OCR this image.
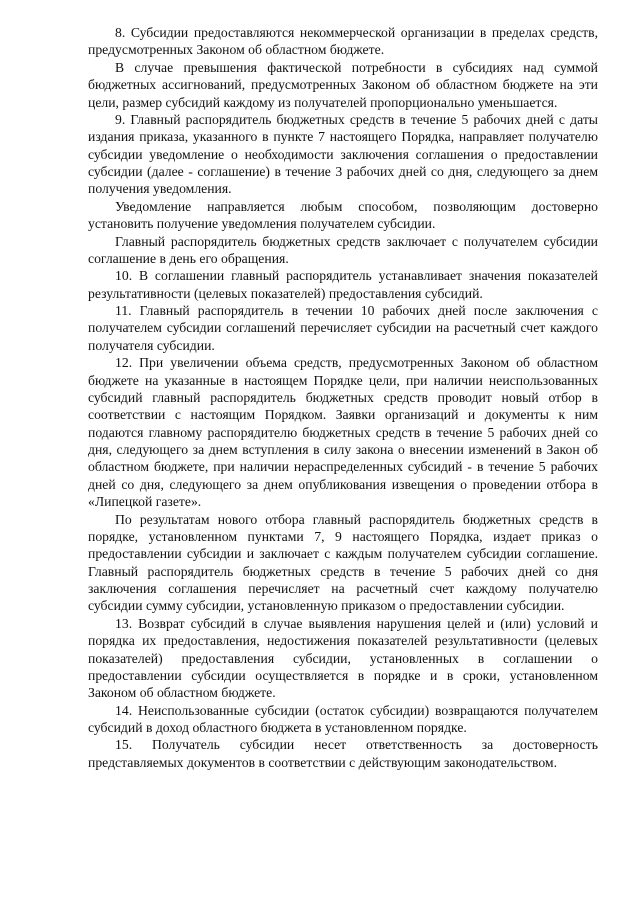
8. Субсидии предоставляются некоммерческой организации в пределах средств, предусмотренных Законом об областном бюджете.

В случае превышения фактической потребности в субсидиях над суммой бюджетных ассигнований, предусмотренных Законом об областном бюджете на эти цели, размер субсидий каждому из получателей пропорционально уменьшается.

9. Главный распорядитель бюджетных средств в течение 5 рабочих дней с даты издания приказа, указанного в пункте 7 настоящего Порядка, направляет получателю субсидии уведомление о необходимости заключения соглашения о предоставлении субсидии (далее - соглашение) в течение 3 рабочих дней со дня, следующего за днем получения уведомления.

Уведомление направляется любым способом, позволяющим достоверно установить получение уведомления получателем субсидии.

Главный распорядитель бюджетных средств заключает с получателем субсидии соглашение в день его обращения.

10. В соглашении главный распорядитель устанавливает значения показателей результативности (целевых показателей) предоставления субсидий.

11. Главный распорядитель в течении 10 рабочих дней после заключения с получателем субсидии соглашений перечисляет субсидии на расчетный счет каждого получателя субсидии.

12. При увеличении объема средств, предусмотренных Законом об областном бюджете на указанные в настоящем Порядке цели, при наличии неиспользованных субсидий главный распорядитель бюджетных средств проводит новый отбор в соответствии с настоящим Порядком. Заявки организаций и документы к ним подаются главному распорядителю бюджетных средств в течение 5 рабочих дней со дня, следующего за днем вступления в силу закона о внесении изменений в Закон об областном бюджете, при наличии нераспределенных субсидий - в течение 5 рабочих дней со дня, следующего за днем опубликования извещения о проведении отбора в «Липецкой газете».

По результатам нового отбора главный распорядитель бюджетных средств в порядке, установленном пунктами 7, 9 настоящего Порядка, издает приказ о предоставлении субсидии и заключает с каждым получателем субсидии соглашение. Главный распорядитель бюджетных средств в течение 5 рабочих дней со дня заключения соглашения перечисляет на расчетный счет каждому получателю субсидии сумму субсидии, установленную приказом о предоставлении субсидии.

13. Возврат субсидий в случае выявления нарушения целей и (или) условий и порядка их предоставления, недостижения показателей результативности (целевых показателей) предоставления субсидии, установленных в соглашении о предоставлении субсидии осуществляется в порядке и в сроки, установленном Законом об областном бюджете.

14. Неиспользованные субсидии (остаток субсидии) возвращаются получателем субсидий в доход областного бюджета в установленном порядке.

15. Получатель субсидии несет ответственность за достоверность представляемых документов в соответствии с действующим законодательством.
